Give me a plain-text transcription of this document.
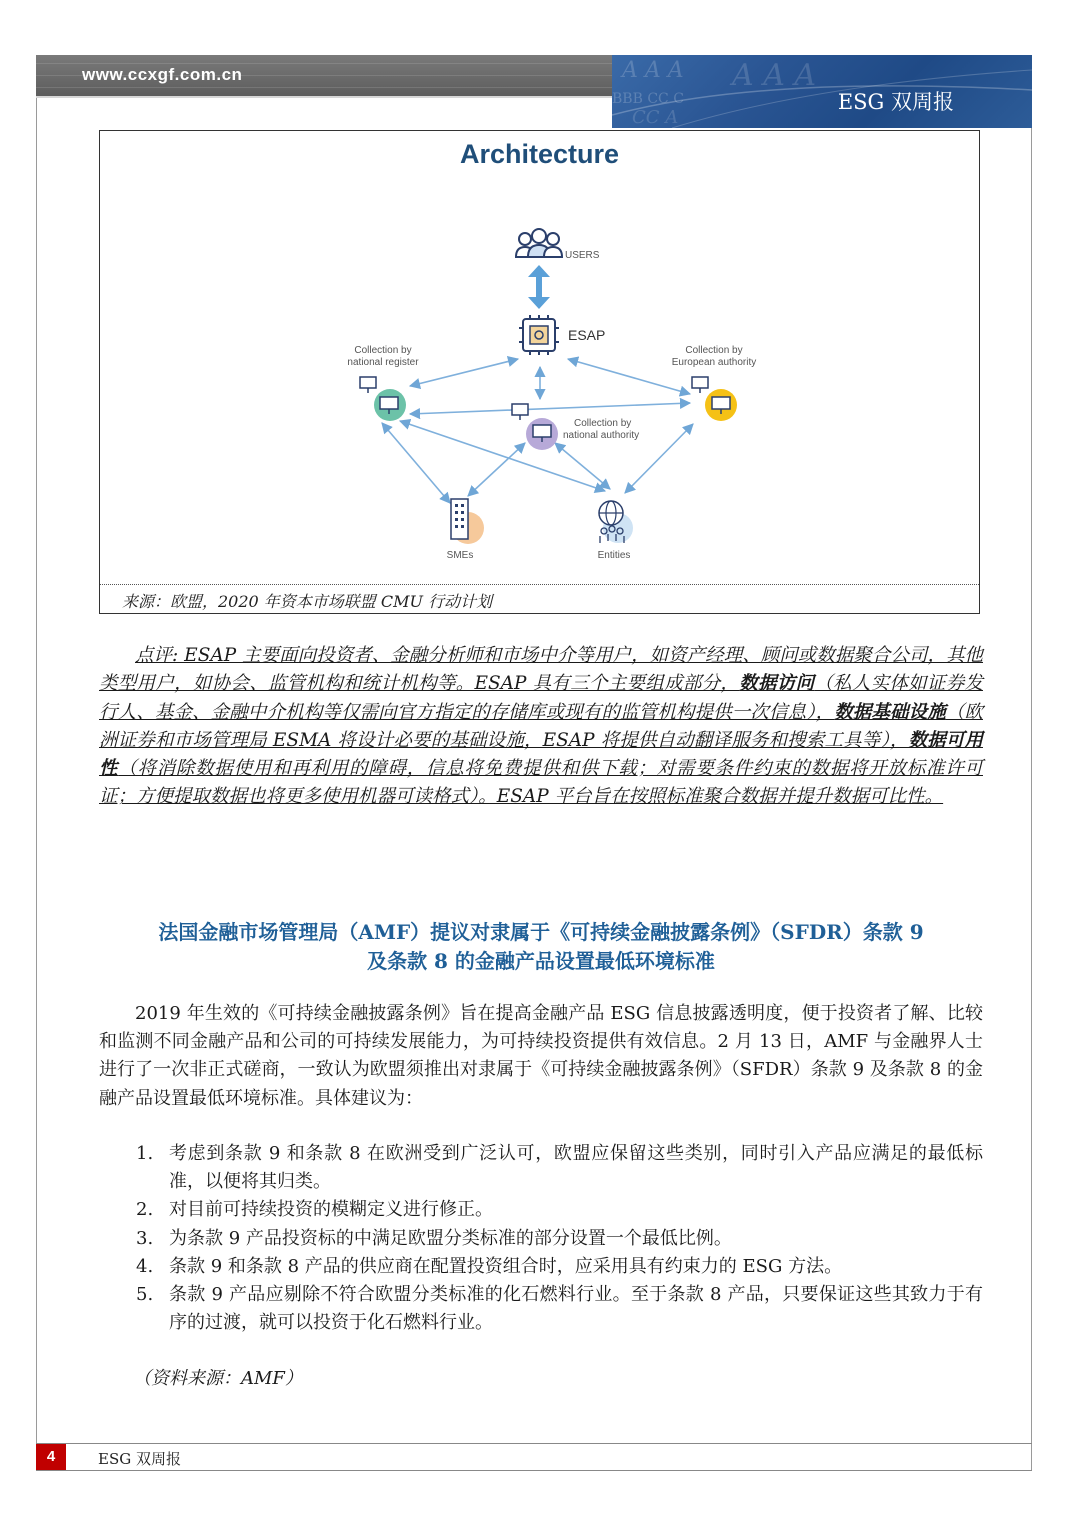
www.ccxgf.com.cn	A A A A A A
BBB CC C
CC A
ESG 双周报
USERS
ESAP
Collection by
national register
Collection by
European authority
Collection by
national authority
SMEs	Entities
Architecture
来源：欧盟，2020 年资本市场联盟 CMU 行动计划
点评: ESAP 主要面向投资者、金融分析师和市场中介等用户，如资产经理、顾问或数据聚合公司，其他类型用户，如协会、监管机构和统计机构等。ESAP 具有三个主要组成部分，数据访问（私人实体如证券发行人、基金、金融中介机构等仅需向官方指定的存储库或现有的监管机构提供一次信息），数据基础设施（欧洲证券和市场管理局 ESMA 将设计必要的基础设施，ESAP 将提供自动翻译服务和搜索工具等），数据可用性（将消除数据使用和再利用的障碍，信息将免费提供和供下载；对需要条件约束的数据将开放标准许可证；方便提取数据也将更多使用机器可读格式）。ESAP 平台旨在按照标准聚合数据并提升数据可比性。
法国金融市场管理局（AMF）提议对隶属于《可持续金融披露条例》（SFDR）条款 9
及条款 8 的金融产品设置最低环境标准
2019 年生效的《可持续金融披露条例》旨在提高金融产品 ESG 信息披露透明度，便于投资者了解、比较和监测不同金融产品和公司的可持续发展能力，为可持续投资提供有效信息。2 月 13 日，AMF 与金融界人士进行了一次非正式磋商，一致认为欧盟须推出对隶属于《可持续金融披露条例》（SFDR）条款 9 及条款 8 的金融产品设置最低环境标准。具体建议为：
1. 考虑到条款 9 和条款 8 在欧洲受到广泛认可，欧盟应保留这些类别，同时引入产品应满足的最低标准，以便将其归类。
2. 对目前可持续投资的模糊定义进行修正。
3. 为条款 9 产品投资标的中满足欧盟分类标准的部分设置一个最低比例。
4. 条款 9 和条款 8 产品的供应商在配置投资组合时，应采用具有约束力的 ESG 方法。
5. 条款 9 产品应剔除不符合欧盟分类标准的化石燃料行业。至于条款 8 产品，只要保证这些其致力于有序的过渡，就可以投资于化石燃料行业。
（资料来源：AMF）
4	ESG 双周报
